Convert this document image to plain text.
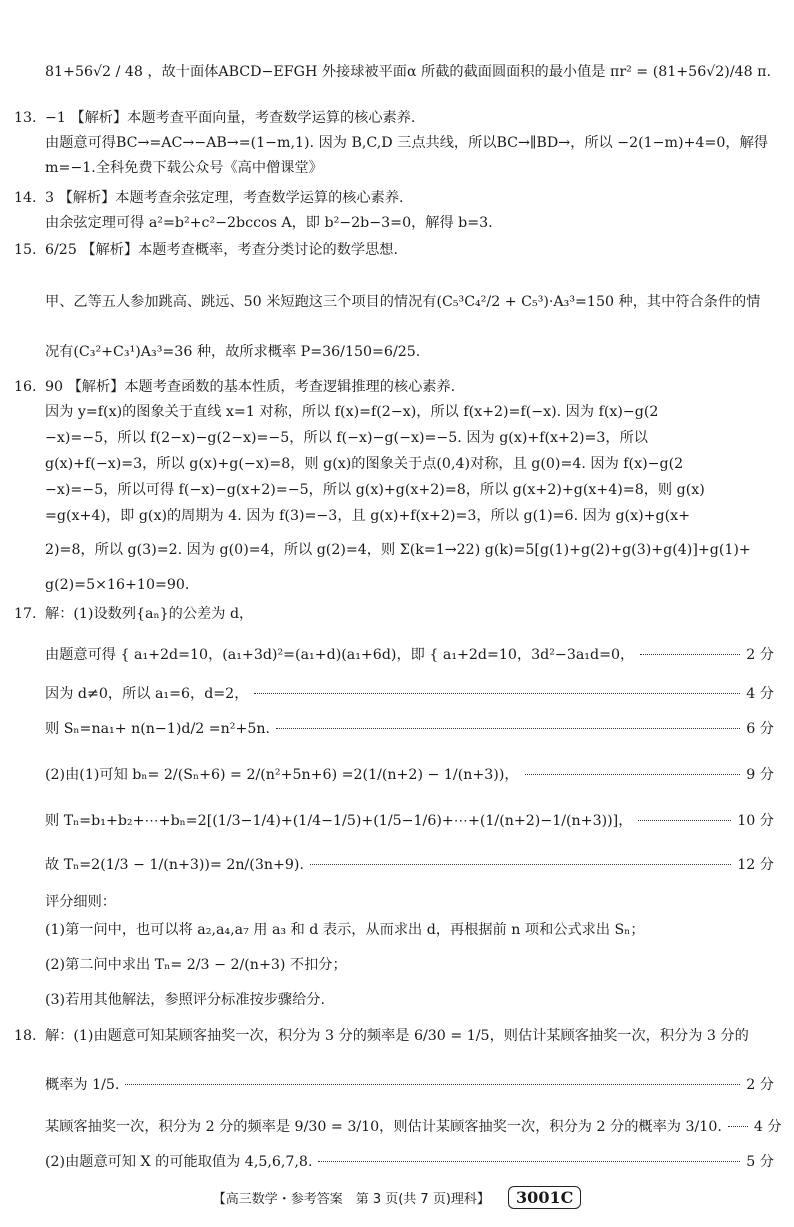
81+56√2 / 48 ，故十面体ABCD−EFGH 外接球被平面α 所截的截面圆面积的最小值是 πr² = (81+56√2)/48 π.
13. −1 【解析】本题考查平面向量，考查数学运算的核心素养.
由题意可得BC→=AC→−AB→=(1−m,1). 因为 B,C,D 三点共线，所以BC→∥BD→，所以 −2(1−m)+4=0，解得
m=−1.全科免费下载公众号《高中僧课堂》
14. 3 【解析】本题考查余弦定理，考查数学运算的核心素养.
由余弦定理可得 a²=b²+c²−2bccos A，即 b²−2b−3=0，解得 b=3.
15. 6/25 【解析】本题考查概率，考查分类讨论的数学思想.
甲、乙等五人参加跳高、跳远、50 米短跑这三个项目的情况有(C₅³C₄²/2 + C₅³)·A₃³=150 种，其中符合条件的情
况有(C₃²+C₃¹)A₃³=36 种，故所求概率 P=36/150=6/25.
16. 90 【解析】本题考查函数的基本性质，考查逻辑推理的核心素养.
因为 y=f(x)的图象关于直线 x=1 对称，所以 f(x)=f(2−x)，所以 f(x+2)=f(−x). 因为 f(x)−g(2
−x)=−5，所以 f(2−x)−g(2−x)=−5，所以 f(−x)−g(−x)=−5. 因为 g(x)+f(x+2)=3，所以
g(x)+f(−x)=3，所以 g(x)+g(−x)=8，则 g(x)的图象关于点(0,4)对称，且 g(0)=4. 因为 f(x)−g(2
−x)=−5，所以可得 f(−x)−g(x+2)=−5，所以 g(x)+g(x+2)=8，所以 g(x+2)+g(x+4)=8，则 g(x)
=g(x+4)，即 g(x)的周期为 4. 因为 f(3)=−3，且 g(x)+f(x+2)=3，所以 g(1)=6. 因为 g(x)+g(x+
2)=8，所以 g(3)=2. 因为 g(0)=4，所以 g(2)=4，则 Σ(k=1→22) g(k)=5[g(1)+g(2)+g(3)+g(4)]+g(1)+
g(2)=5×16+10=90.
17. 解：(1)设数列{aₙ}的公差为 d，
由题意可得 { a₁+2d=10，(a₁+3d)²=(a₁+d)(a₁+6d)，即 { a₁+2d=10，3d²−3a₁d=0，	2 分
因为 d≠0，所以 a₁=6，d=2，	4 分
则 Sₙ=na₁+ n(n−1)d/2 =n²+5n.	6 分
(2)由(1)可知 bₙ= 2/(Sₙ+6) = 2/(n²+5n+6) =2(1/(n+2) − 1/(n+3))，	9 分
则 Tₙ=b₁+b₂+⋯+bₙ=2[(1/3−1/4)+(1/4−1/5)+(1/5−1/6)+⋯+(1/(n+2)−1/(n+3))]，	10 分
故 Tₙ=2(1/3 − 1/(n+3))= 2n/(3n+9).	12 分
评分细则：
(1)第一问中，也可以将 a₂,a₄,a₇ 用 a₃ 和 d 表示，从而求出 d，再根据前 n 项和公式求出 Sₙ；
(2)第二问中求出 Tₙ= 2/3 − 2/(n+3) 不扣分；
(3)若用其他解法，参照评分标准按步骤给分.
18. 解：(1)由题意可知某顾客抽奖一次，积分为 3 分的频率是 6/30 = 1/5，则估计某顾客抽奖一次，积分为 3 分的
概率为 1/5.	2 分
某顾客抽奖一次，积分为 2 分的频率是 9/30 = 3/10，则估计某顾客抽奖一次，积分为 2 分的概率为 3/10. 4 分
(2)由题意可知 X 的可能取值为 4,5,6,7,8.	5 分
【高三数学・参考答案　第 3 页(共 7 页)理科】 3001C
